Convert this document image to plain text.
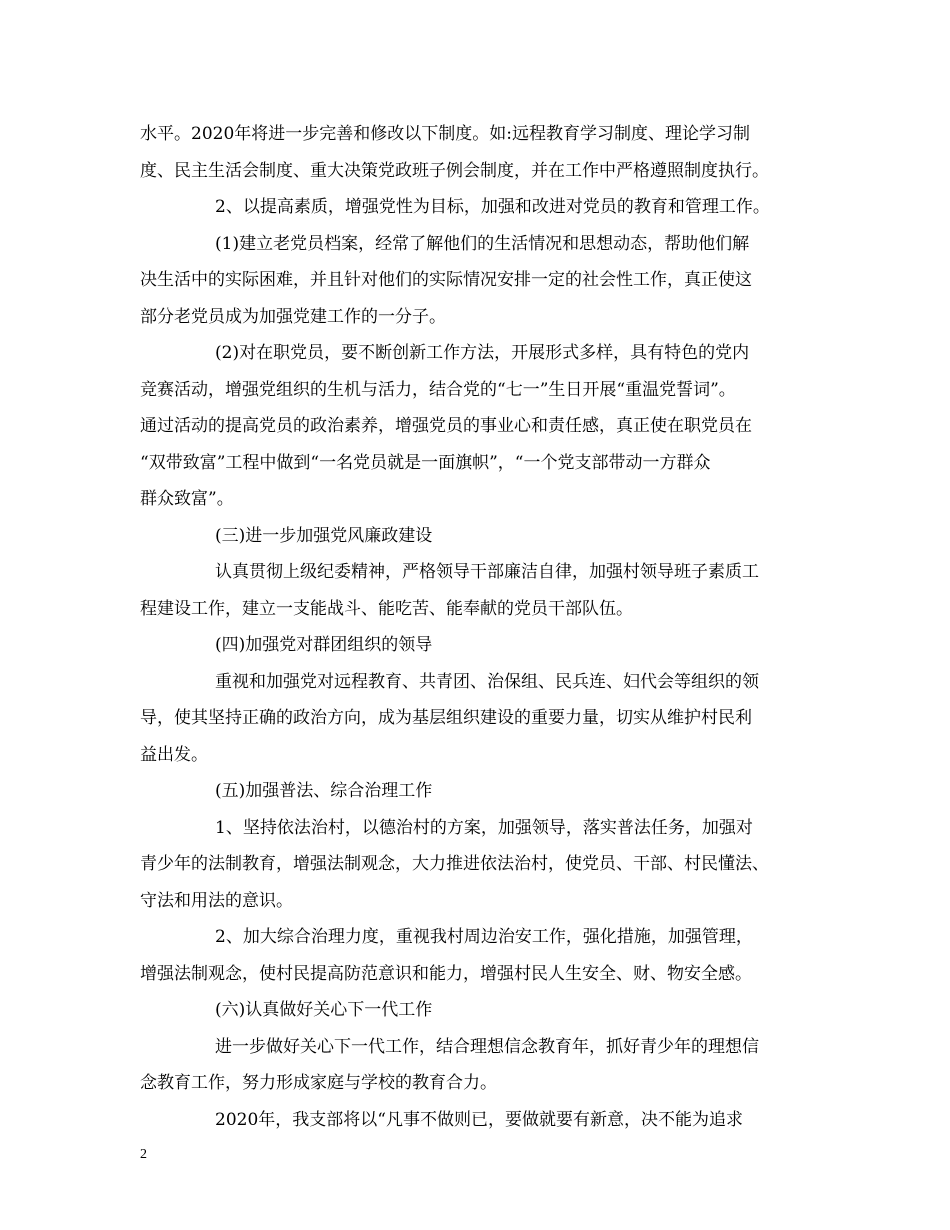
水平。2020年将进一步完善和修改以下制度。如:远程教育学习制度、理论学习制
度、民主生活会制度、重大决策党政班子例会制度，并在工作中严格遵照制度执行。
2、以提高素质，增强党性为目标，加强和改进对党员的教育和管理工作。
(1)建立老党员档案，经常了解他们的生活情况和思想动态，帮助他们解
决生活中的实际困难，并且针对他们的实际情况安排一定的社会性工作，真正使这
部分老党员成为加强党建工作的一分子。
(2)对在职党员，要不断创新工作方法，开展形式多样，具有特色的党内
竞赛活动，增强党组织的生机与活力，结合党的“七一”生日开展“重温党誓词”。
通过活动的提高党员的政治素养，增强党员的事业心和责任感，真正使在职党员在
“双带致富”工程中做到“一名党员就是一面旗帜”，“一个党支部带动一方群众
群众致富”。
(三)进一步加强党风廉政建设
认真贯彻上级纪委精神，严格领导干部廉洁自律，加强村领导班子素质工
程建设工作，建立一支能战斗、能吃苦、能奉献的党员干部队伍。
(四)加强党对群团组织的领导
重视和加强党对远程教育、共青团、治保组、民兵连、妇代会等组织的领
导，使其坚持正确的政治方向，成为基层组织建设的重要力量，切实从维护村民利
益出发。
(五)加强普法、综合治理工作
1、坚持依法治村，以德治村的方案，加强领导，落实普法任务，加强对
青少年的法制教育，增强法制观念，大力推进依法治村，使党员、干部、村民懂法、
守法和用法的意识。
2、加大综合治理力度，重视我村周边治安工作，强化措施，加强管理，
增强法制观念，使村民提高防范意识和能力，增强村民人生安全、财、物安全感。
(六)认真做好关心下一代工作
进一步做好关心下一代工作，结合理想信念教育年，抓好青少年的理想信
念教育工作，努力形成家庭与学校的教育合力。
2020年，我支部将以“凡事不做则已，要做就要有新意，决不能为追求
2
